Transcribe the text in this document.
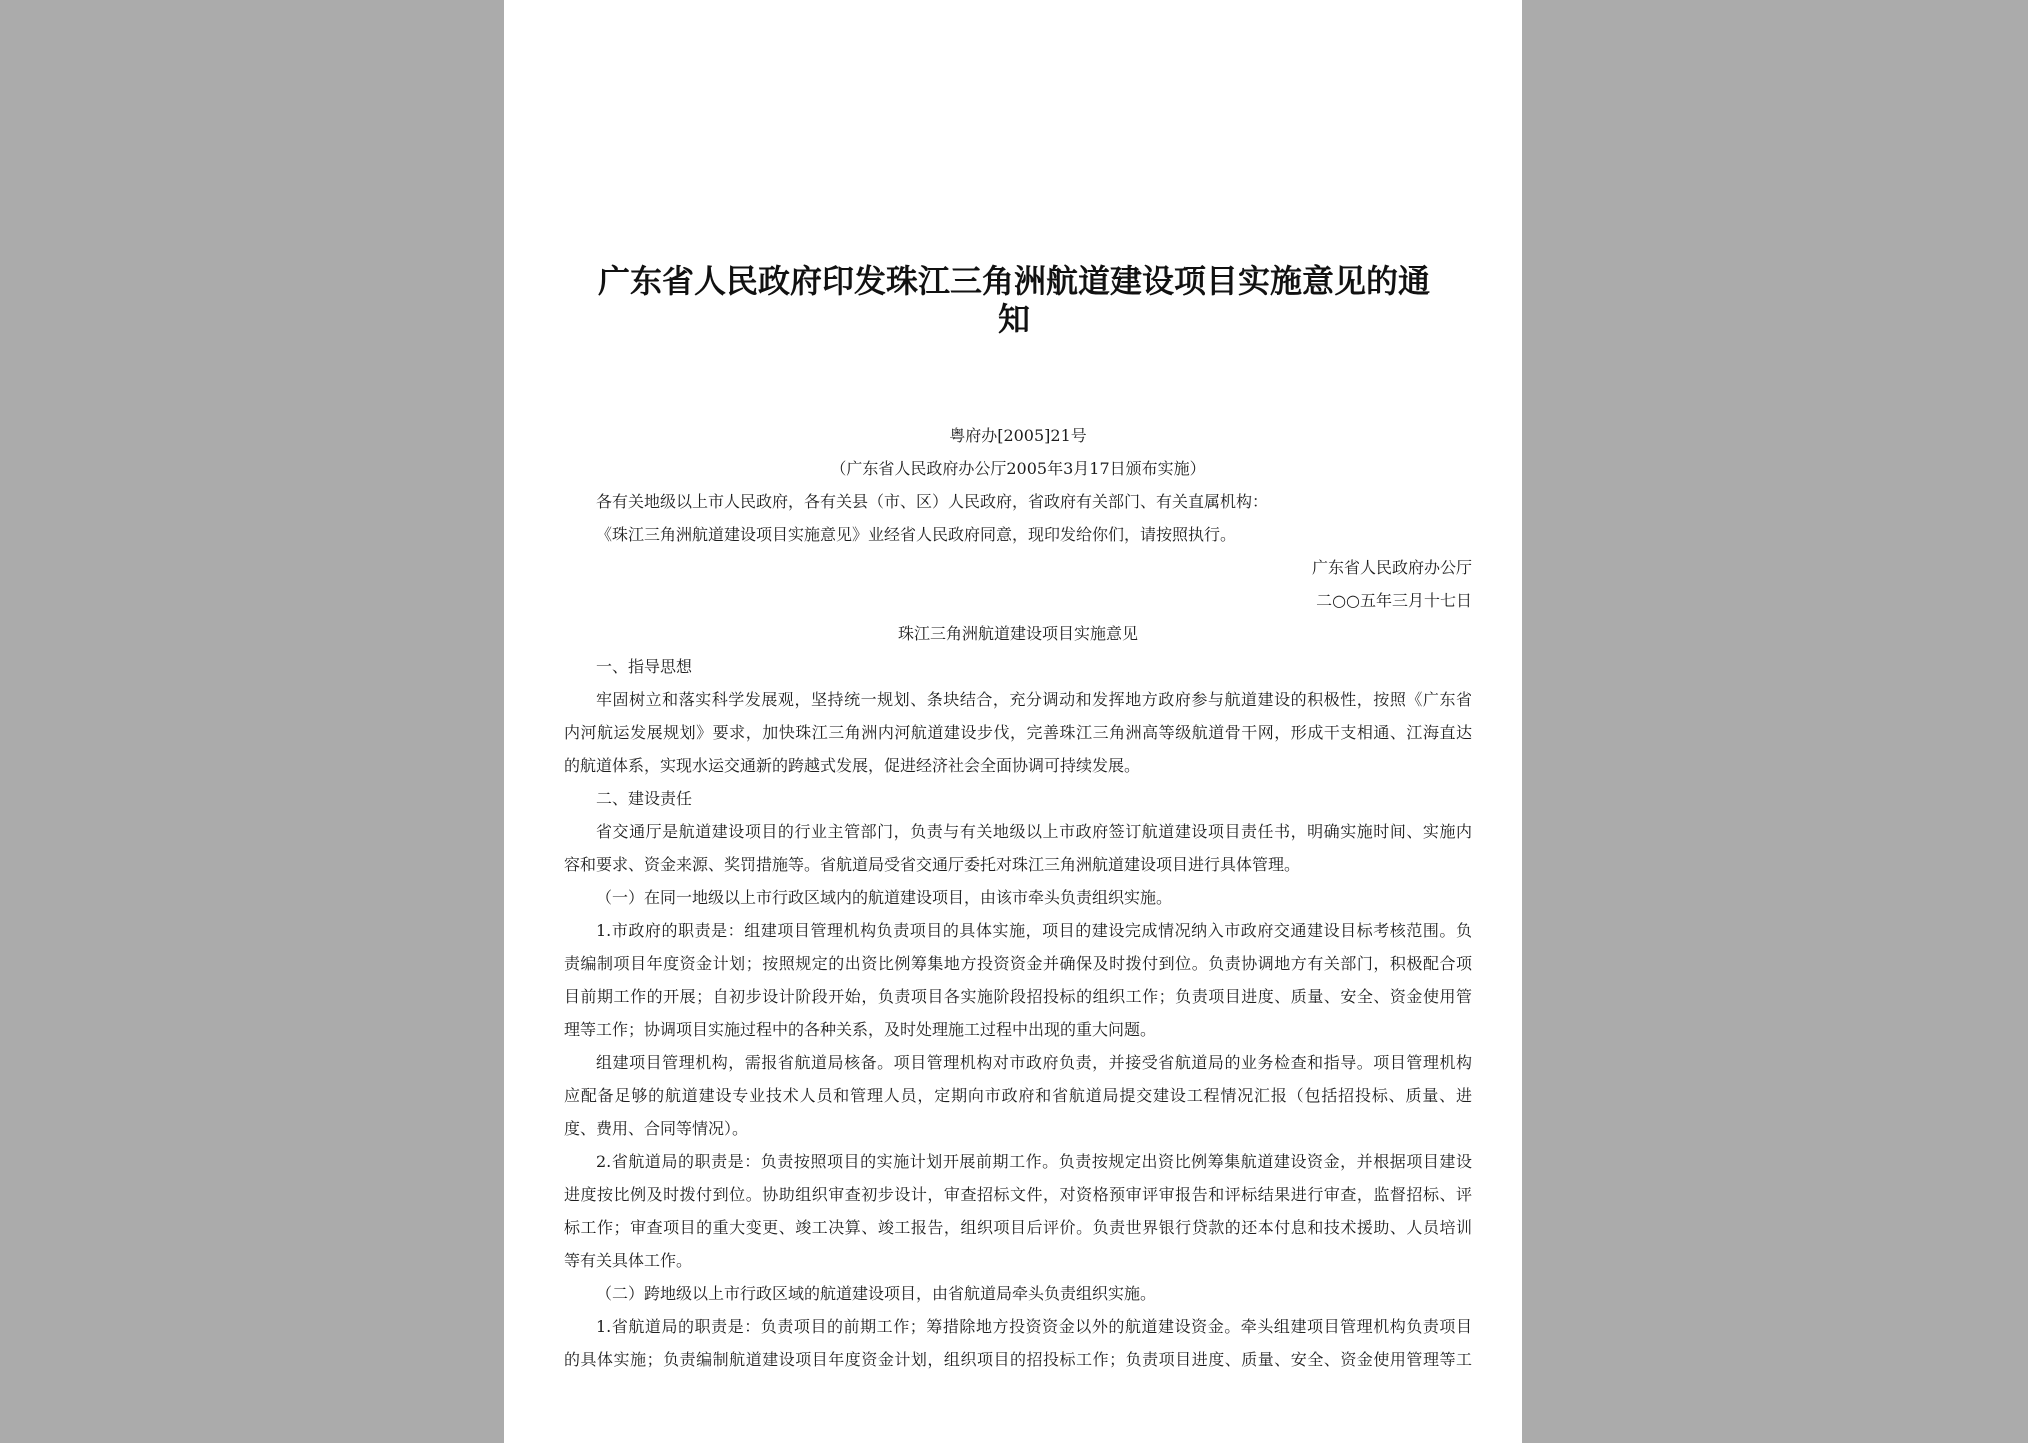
广东省人民政府印发珠江三角洲航道建设项目实施意见的通知
粤府办[2005]21号
（广东省人民政府办公厅2005年3月17日颁布实施）
各有关地级以上市人民政府，各有关县（市、区）人民政府，省政府有关部门、有关直属机构：
《珠江三角洲航道建设项目实施意见》业经省人民政府同意，现印发给你们，请按照执行。
广东省人民政府办公厅
二○○五年三月十七日
珠江三角洲航道建设项目实施意见
一、指导思想
牢固树立和落实科学发展观，坚持统一规划、条块结合，充分调动和发挥地方政府参与航道建设的积极性，按照《广东省
内河航运发展规划》要求，加快珠江三角洲内河航道建设步伐，完善珠江三角洲高等级航道骨干网，形成干支相通、江海直达
的航道体系，实现水运交通新的跨越式发展，促进经济社会全面协调可持续发展。
二、建设责任
省交通厅是航道建设项目的行业主管部门，负责与有关地级以上市政府签订航道建设项目责任书，明确实施时间、实施内
容和要求、资金来源、奖罚措施等。省航道局受省交通厅委托对珠江三角洲航道建设项目进行具体管理。
（一）在同一地级以上市行政区域内的航道建设项目，由该市牵头负责组织实施。
1.市政府的职责是：组建项目管理机构负责项目的具体实施，项目的建设完成情况纳入市政府交通建设目标考核范围。负
责编制项目年度资金计划；按照规定的出资比例筹集地方投资资金并确保及时拨付到位。负责协调地方有关部门，积极配合项
目前期工作的开展；自初步设计阶段开始，负责项目各实施阶段招投标的组织工作；负责项目进度、质量、安全、资金使用管
理等工作；协调项目实施过程中的各种关系，及时处理施工过程中出现的重大问题。
组建项目管理机构，需报省航道局核备。项目管理机构对市政府负责，并接受省航道局的业务检查和指导。项目管理机构
应配备足够的航道建设专业技术人员和管理人员，定期向市政府和省航道局提交建设工程情况汇报（包括招投标、质量、进
度、费用、合同等情况）。
2.省航道局的职责是：负责按照项目的实施计划开展前期工作。负责按规定出资比例筹集航道建设资金，并根据项目建设
进度按比例及时拨付到位。协助组织审查初步设计，审查招标文件，对资格预审评审报告和评标结果进行审查，监督招标、评
标工作；审查项目的重大变更、竣工决算、竣工报告，组织项目后评价。负责世界银行贷款的还本付息和技术援助、人员培训
等有关具体工作。
（二）跨地级以上市行政区域的航道建设项目，由省航道局牵头负责组织实施。
1.省航道局的职责是：负责项目的前期工作；筹措除地方投资资金以外的航道建设资金。牵头组建项目管理机构负责项目
的具体实施；负责编制航道建设项目年度资金计划，组织项目的招投标工作；负责项目进度、质量、安全、资金使用管理等工
